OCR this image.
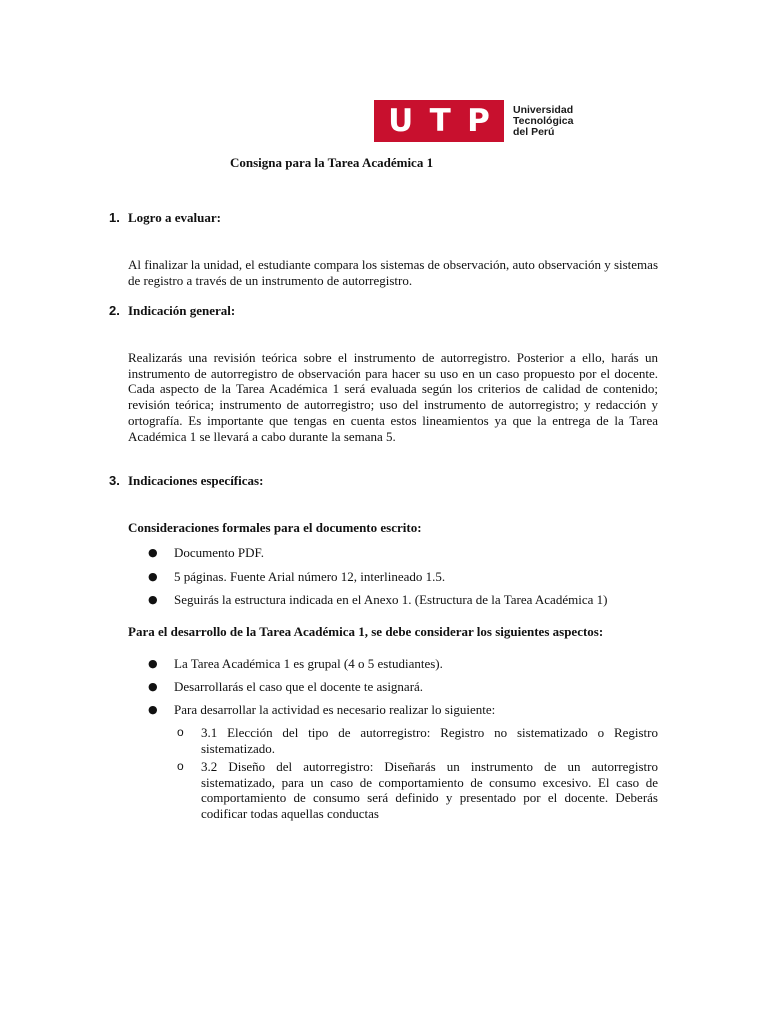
U T P Universidad
Tecnológica
del Perú
Consigna para la Tarea Académica 1
1. Logro a evaluar:

Al finalizar la unidad, el estudiante compara los sistemas de observación, auto observación y sistemas de registro a través de un instrumento de autorregistro.

2. Indicación general:

Realizarás una revisión teórica sobre el instrumento de autorregistro. Posterior a ello, harás un instrumento de autorregistro de observación para hacer su uso en un caso propuesto por el docente. Cada aspecto de la Tarea Académica 1 será evaluada según los criterios de calidad de contenido; revisión teórica; instrumento de autorregistro; uso del instrumento de autorregistro; y redacción y ortografía. Es importante que tengas en cuenta estos lineamientos ya que la entrega de la Tarea Académica 1 se llevará a cabo durante la semana 5.

3. Indicaciones específicas:
Consideraciones formales para el documento escrito:
●	Documento PDF.
●	5 páginas. Fuente Arial número 12, interlineado 1.5.
●	Seguirás la estructura indicada en el Anexo 1. (Estructura de la Tarea Académica 1)
Para el desarrollo de la Tarea Académica 1, se debe considerar los siguientes aspectos:
●	La Tarea Académica 1 es grupal (4 o 5 estudiantes).
●	Desarrollarás el caso que el docente te asignará.
●	Para desarrollar la actividad es necesario realizar lo siguiente:
o	3.1 Elección del tipo de autorregistro: Registro no sistematizado o Registro sistematizado.
o	3.2 Diseño del autorregistro: Diseñarás un instrumento de un autorregistro sistematizado, para un caso de comportamiento de consumo excesivo. El caso de comportamiento de consumo será definido y presentado por el docente. Deberás codificar todas aquellas conductas
